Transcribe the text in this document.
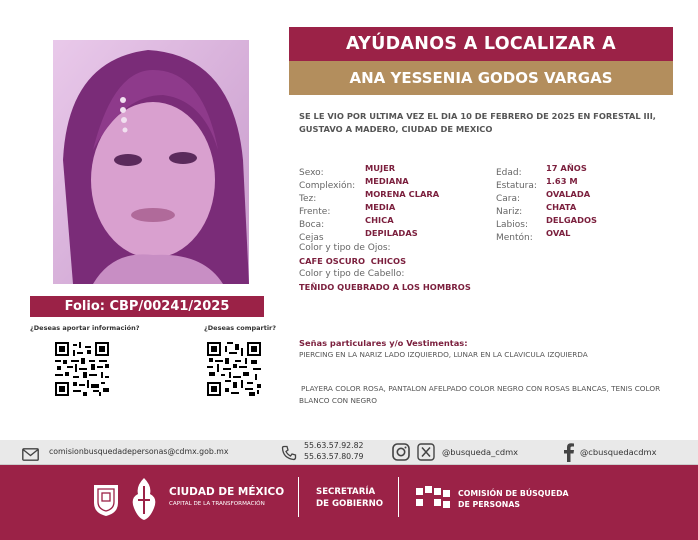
Folio: CBP/00241/2025
¿Deseas aportar información?	¿Deseas compartir?
AYÚDANOS A LOCALIZAR A
ANA YESSENIA GODOS VARGAS
SE LE VIO POR ULTIMA VEZ EL DIA 10 DE FEBRERO DE 2025 EN FORESTAL III, GUSTAVO A MADERO, CIUDAD DE MEXICO
Sexo:	MUJER
Complexión: MEDIANA
Tez:	MORENA CLARA
Frente:	MEDIA
Boca:	CHICA
Cejas	DEPILADAS
Edad:	17 AÑOS
Estatura: 1.63 M
Cara:	OVALADA
Nariz:	CHATA
Labios: DELGADOS
Mentón: OVAL
Color y tipo de Ojos:
CAFE OSCURO  CHICOS
Color y tipo de Cabello:
TEÑIDO QUEBRADO A LOS HOMBROS
Señas particulares y/o Vestimentas:
PIERCING EN LA NARIZ LADO IZQUIERDO, LUNAR EN LA CLAVICULA IZQUIERDA
PLAYERA COLOR ROSA, PANTALON AFELPADO COLOR NEGRO CON ROSAS BLANCAS, TENIS COLOR BLANCO CON NEGRO
comisionbusquedadepersonas@cdmx.gob.mx
55.63.57.92.82
55.63.57.80.79	@busqueda_cdmx	@cbusquedacdmx
CIUDAD DE MÉXICO
CAPITAL DE LA TRANSFORMACIÓN
SECRETARÍA
DE GOBIERNO
COMISIÓN DE BÚSQUEDA
DE PERSONAS
